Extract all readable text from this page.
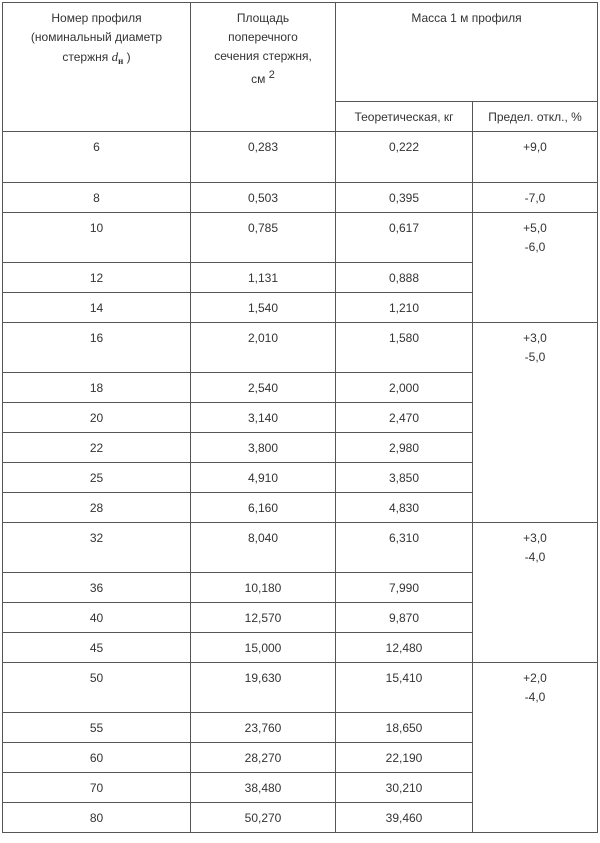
Номер профиля
(номинальный диаметр
стержня $d_н$ )	Площадь
поперечного
сечения стержня,
см 2	Масса 1 м профиля	
		Теоретическая, кг	Предел. откл., %
6	0,283	0,222	+9,0

8	0,503	0,395	-7,0

10	0,785	0,617	+5,0
-6,0

12	1,131	0,888	
14	1,540	1,210	
16	2,010	1,580	+3,0
-5,0

18	2,540	2,000	
20	3,140	2,470	
22	3,800	2,980	
25	4,910	3,850	
28	6,160	4,830	
32	8,040	6,310	+3,0
-4,0

36	10,180	7,990	
40	12,570	9,870	
45	15,000	12,480	
50	19,630	15,410	+2,0
-4,0

55	23,760	18,650	
60	28,270	22,190	
70	38,480	30,210	
80	50,270	39,460	
